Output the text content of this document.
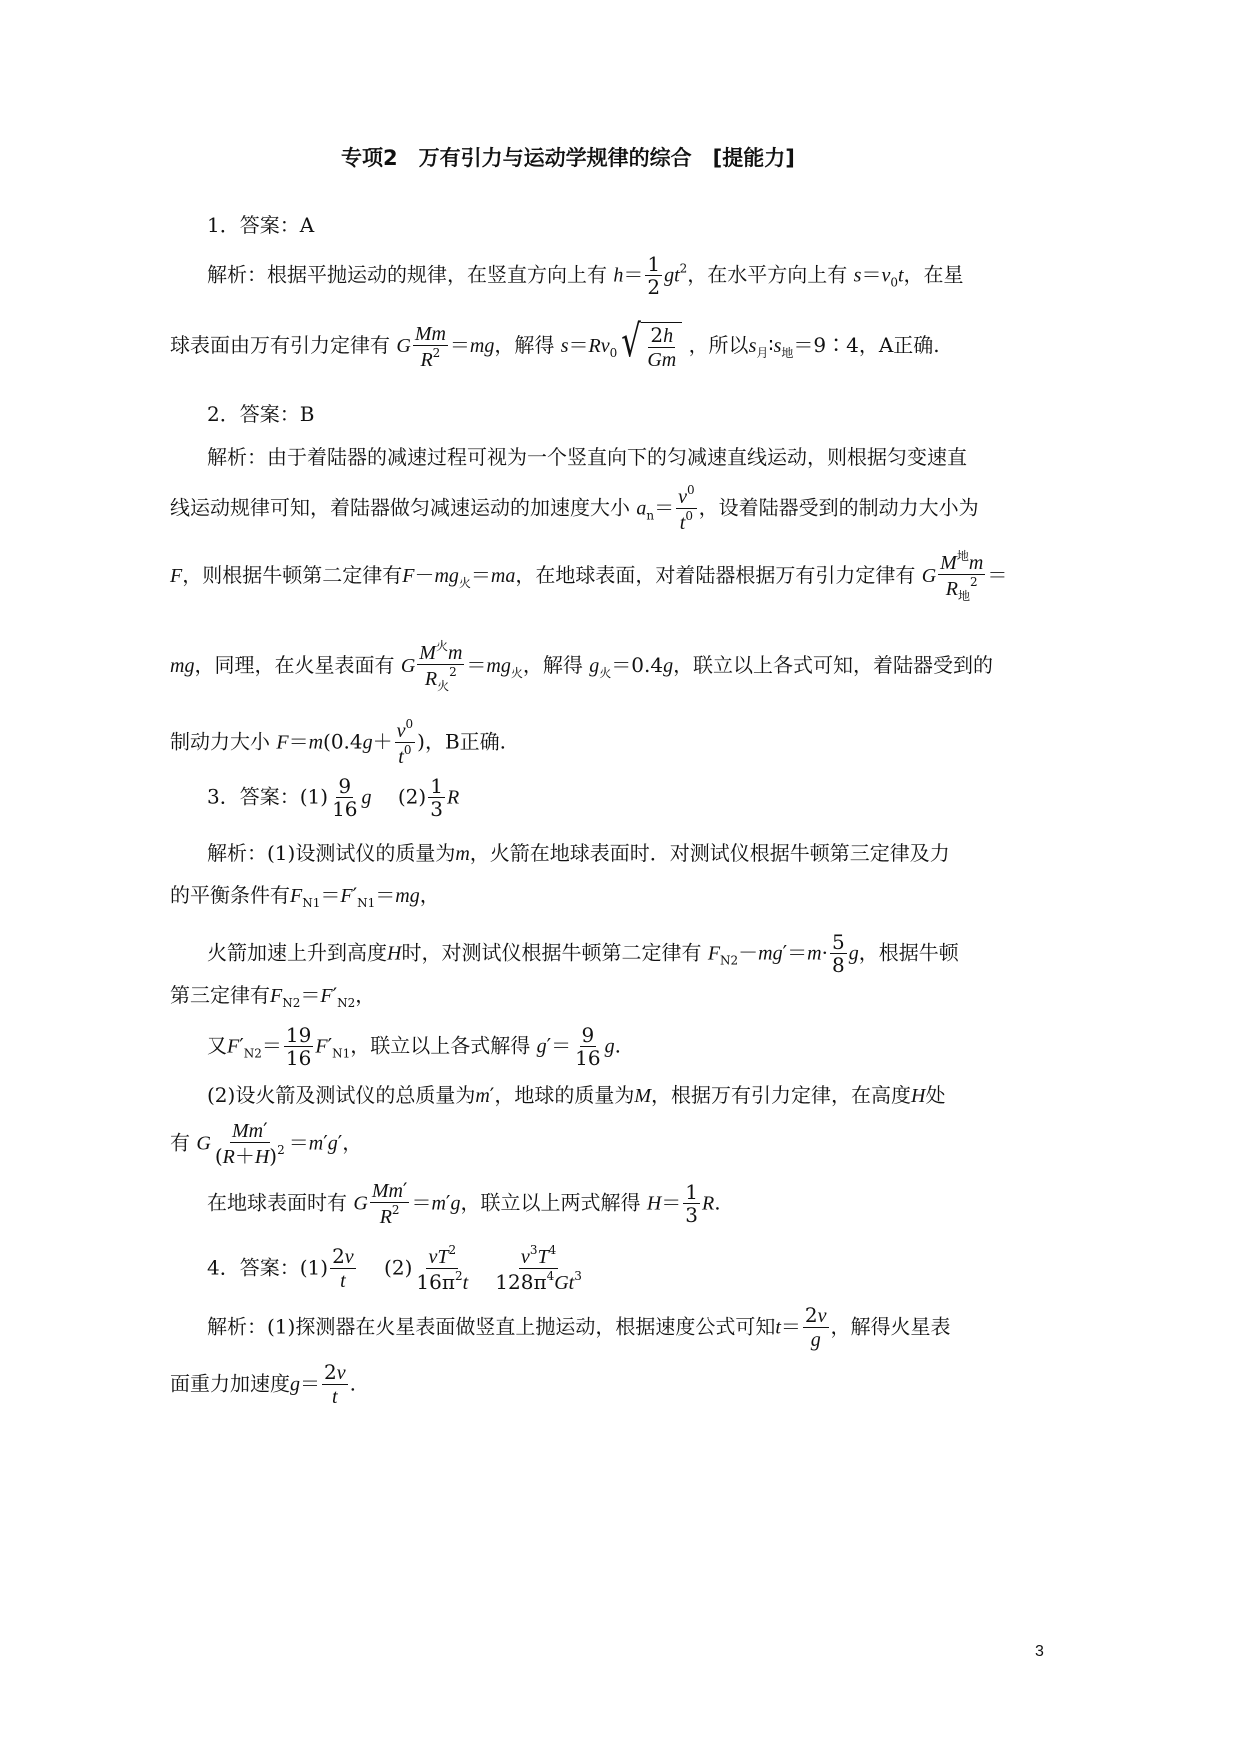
专项2　万有引力与运动学规律的综合　[提能力]
1．答案：A
解析：根据平抛运动的规律，在竖直方向上有 $h= \frac{1}{2} gt^2$，在水平方向上有 $s=v_0t$，在星
球表面由万有引力定律有 G $\frac{Mm}{R^2} =mg$，解得 $s=Rv_0$ √ $\frac{2h}{Gm}$ ，所以$s_月∶s_地=9∶4$，A正确.
2．答案：B
解析：由于着陆器的减速过程可视为一个竖直向下的匀减速直线运动，则根据匀变速直
线运动规律可知，着陆器做匀减速运动的加速度大小 $a_n= \frac{v^0}{t^0}$ ，设着陆器受到的制动力大小为
F，则根据牛顿第二定律有$F-mg_火=ma$，在地球表面，对着陆器根据万有引力定律有 G $\frac{M^地m}{R_地^2}$ ＝
mg，同理，在火星表面有 G $\frac{M^火m}{R_火^2} =mg_火$，解得 $g_火=0.4g$，联立以上各式可知，着陆器受到的
制动力大小 $F=m(0.4g+ \frac{v^0}{t^0}$ )，B正确.
3．答案：$(1) \frac{9}{16}$ g 　$(2) \frac{1}{3}$ R
解析：(1)设测试仪的质量为m，火箭在地球表面时．对测试仪根据牛顿第三定律及力
的平衡条件有$F_{N1}=F'_{N1}=mg$，
火箭加速上升到高度H时，对测试仪根据牛顿第二定律有 $F_{N2}-mg'=m\cdot \frac{5}{8}$ g，根据牛顿
第三定律有$F_{N2}=F'_{N2}$，
又$F'_{N2}= \frac{19}{16} F'_{N1}$，联立以上各式解得 $g'= \frac{9}{16} g$.
(2)设火箭及测试仪的总质量为m′，地球的质量为M，根据万有引力定律，在高度H处
有 G $\frac{Mm'}{(R+H)^2} =m'g'$，
在地球表面时有 G $\frac{Mm'}{R^2} =m'g$，联立以上两式解得 $H= \frac{1}{3} R$.
4．答案：$(1) \frac{2v}{t}$ 　$(2) \frac{vT^2}{16\pi^2t}$
$\frac{v^3T^4}{128\pi^4Gt^3}$
解析：(1)探测器在火星表面做竖直上抛运动，根据速度公式可知$t= \frac{2v}{g}$ ，解得火星表
面重力加速度$g= \frac{2v}{t}$ .
3
